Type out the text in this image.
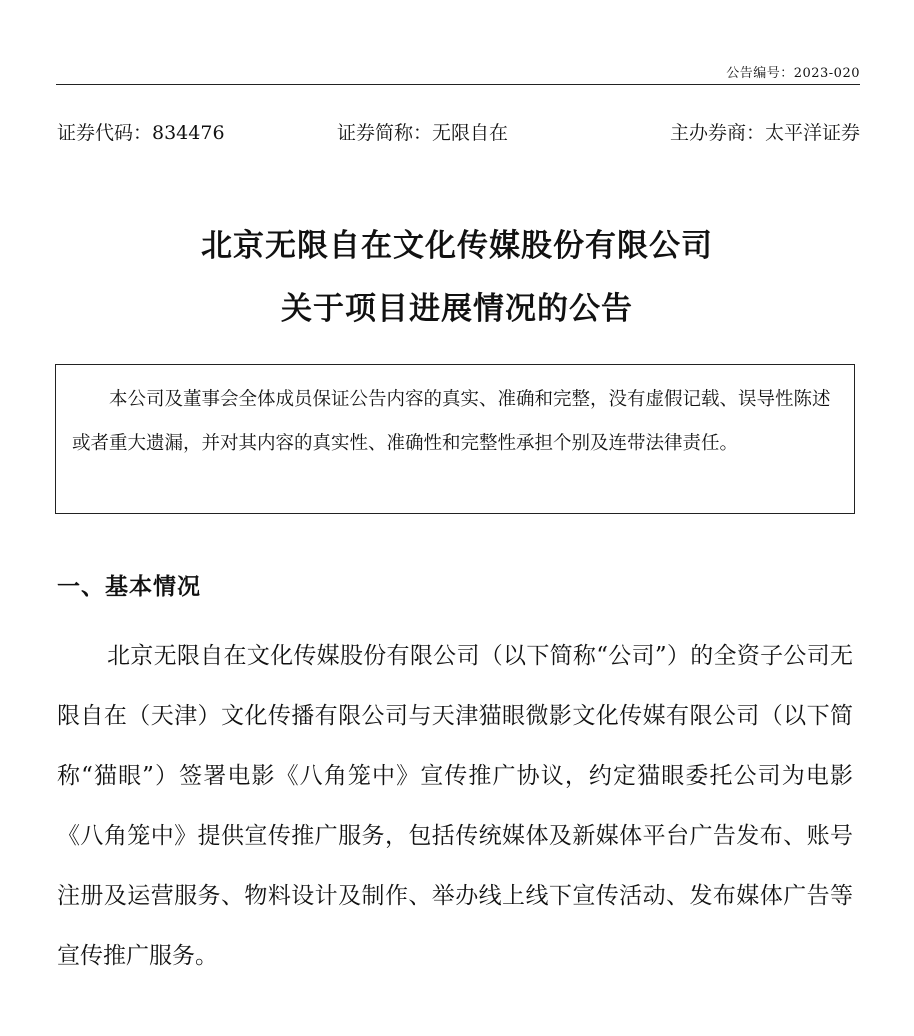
公告编号：2023-020
证券代码：834476	证券简称：无限自在	主办券商：太平洋证券
北京无限自在文化传媒股份有限公司
关于项目进展情况的公告
本公司及董事会全体成员保证公告内容的真实、准确和完整，没有虚假记载、误导性陈述或者重大遗漏，并对其内容的真实性、准确性和完整性承担个别及连带法律责任。
一、基本情况
北京无限自在文化传媒股份有限公司（以下简称“公司”）的全资子公司无限自在（天津）文化传播有限公司与天津猫眼微影文化传媒有限公司（以下简称“猫眼”）签署电影《八角笼中》宣传推广协议，约定猫眼委托公司为电影《八角笼中》提供宣传推广服务，包括传统媒体及新媒体平台广告发布、账号注册及运营服务、物料设计及制作、举办线上线下宣传活动、发布媒体广告等宣传推广服务。
